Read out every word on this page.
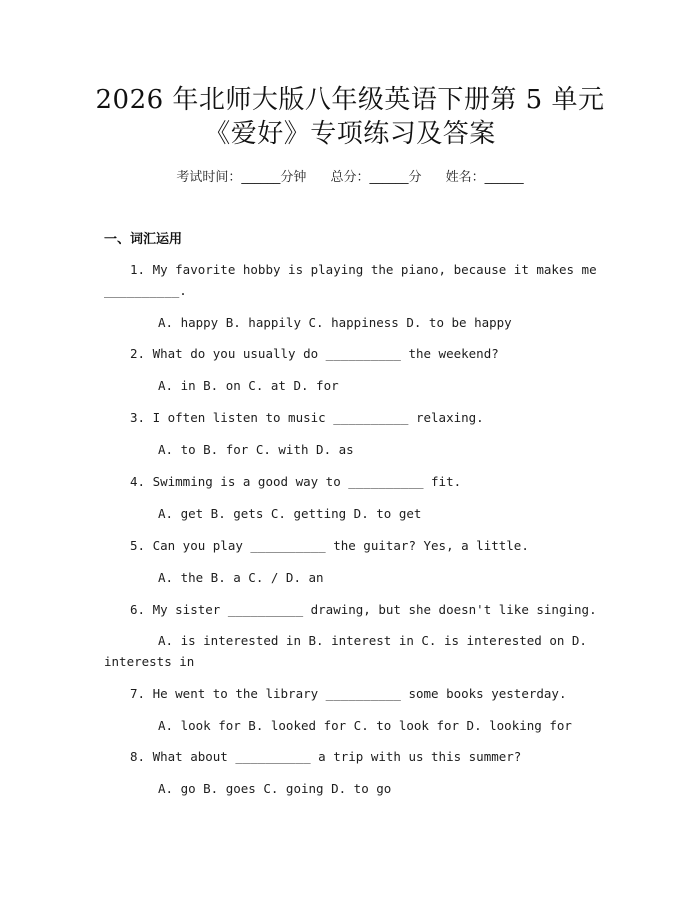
2026 年北师大版八年级英语下册第 5 单元
《爱好》专项练习及答案
考试时间：______分钟 总分：______分 姓名：______
一、词汇运用
1. My favorite hobby is playing the piano, because it makes me
__________.
A. happy B. happily C. happiness D. to be happy
2. What do you usually do __________ the weekend?
A. in B. on C. at D. for
3. I often listen to music __________ relaxing.
A. to B. for C. with D. as
4. Swimming is a good way to __________ fit.
A. get B. gets C. getting D. to get
5. Can you play __________ the guitar? Yes, a little.
A. the B. a C. / D. an
6. My sister __________ drawing, but she doesn't like singing.
A. is interested in B. interest in C. is interested on D.
interests in
7. He went to the library __________ some books yesterday.
A. look for B. looked for C. to look for D. looking for
8. What about __________ a trip with us this summer?
A. go B. goes C. going D. to go
